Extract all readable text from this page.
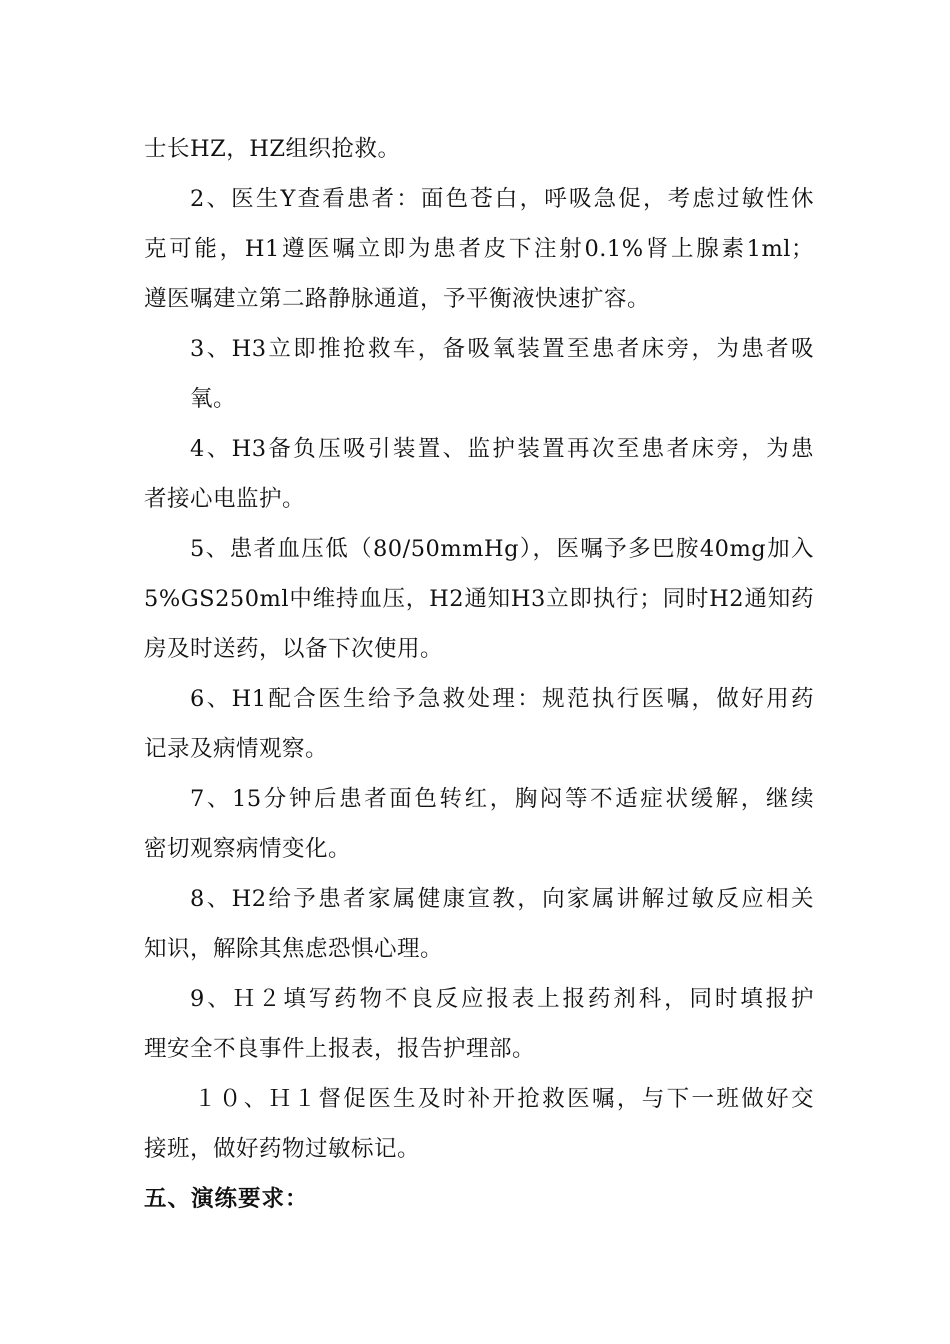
士长HZ，HZ组织抢救。
2、医生Y查看患者：面色苍白，呼吸急促，考虑过敏性休
克可能，H1遵医嘱立即为患者皮下注射0.1%肾上腺素1ml；
遵医嘱建立第二路静脉通道，予平衡液快速扩容。
3、H3立即推抢救车，备吸氧装置至患者床旁，为患者吸
氧。
4、H3备负压吸引装置、监护装置再次至患者床旁，为患
者接心电监护。
5、患者血压低（80/50mmHg），医嘱予多巴胺40mg加入
5%GS250ml中维持血压，H2通知H3立即执行；同时H2通知药
房及时送药，以备下次使用。
6、H1配合医生给予急救处理：规范执行医嘱，做好用药
记录及病情观察。
7、15分钟后患者面色转红，胸闷等不适症状缓解，继续
密切观察病情变化。
8、H2给予患者家属健康宣教，向家属讲解过敏反应相关
知识，解除其焦虑恐惧心理。
9、Ｈ２填写药物不良反应报表上报药剂科，同时填报护
理安全不良事件上报表，报告护理部。
１０、Ｈ１督促医生及时补开抢救医嘱，与下一班做好交
接班，做好药物过敏标记。
五、演练要求：
